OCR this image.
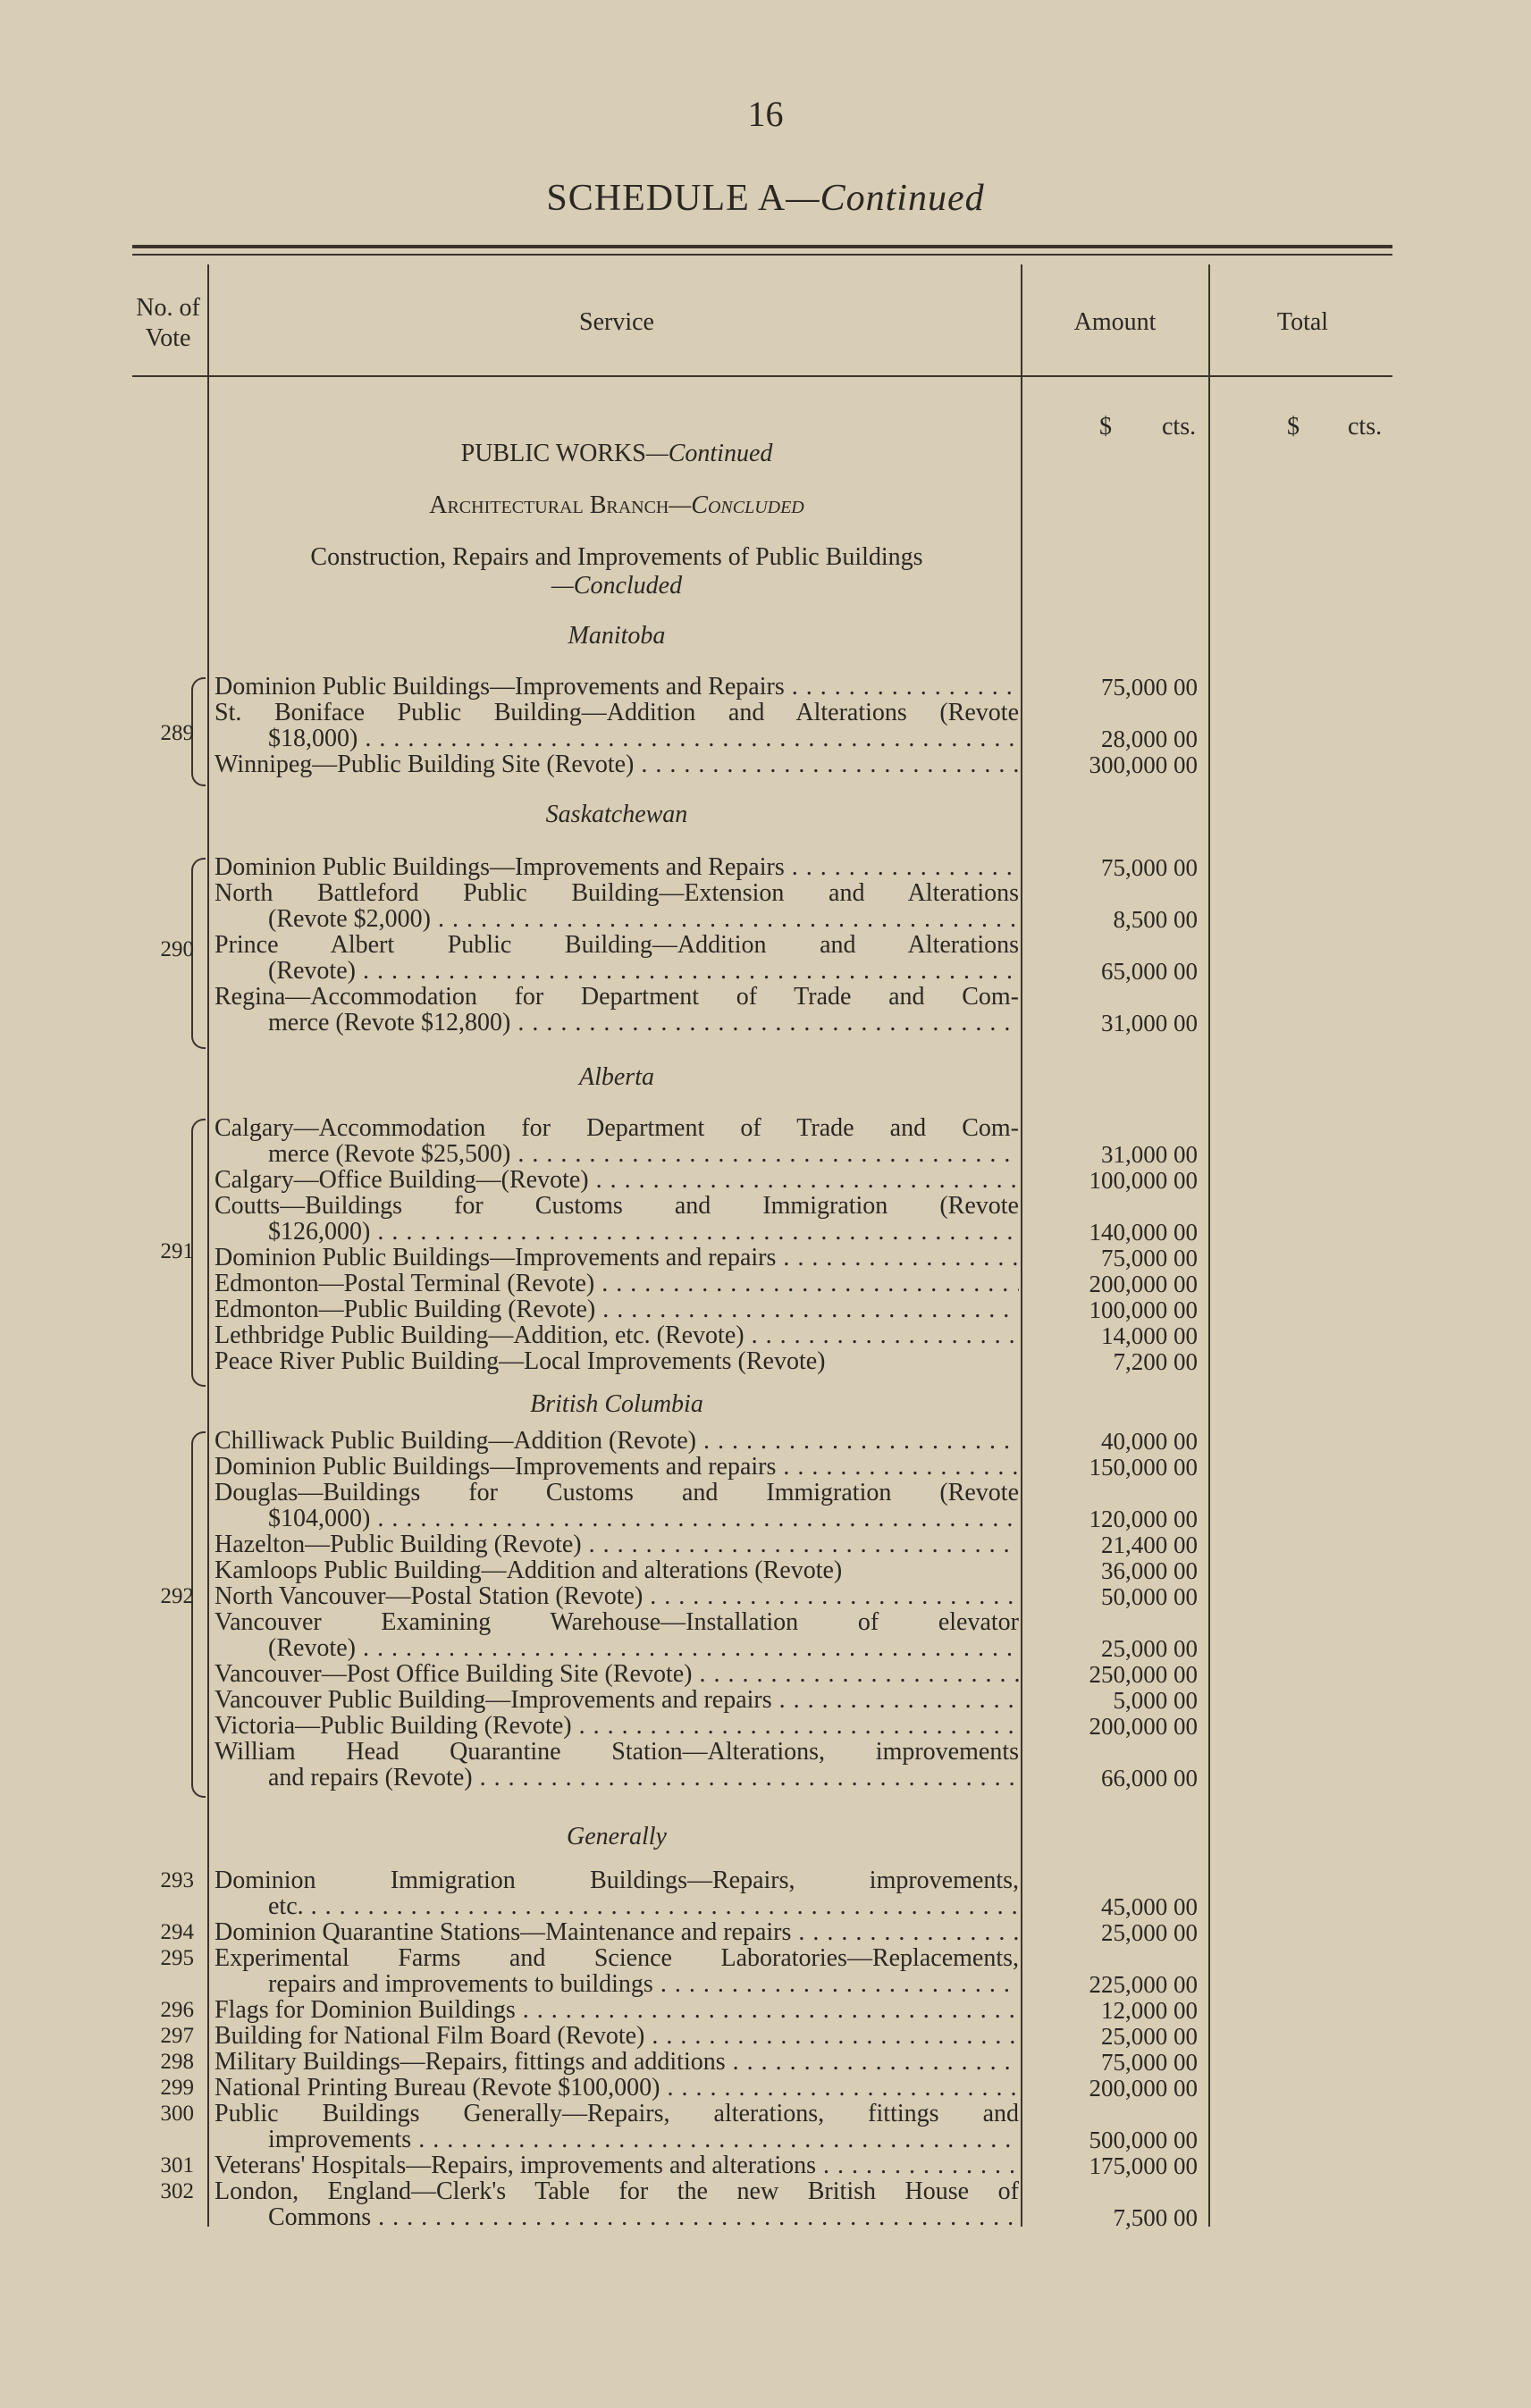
16
SCHEDULE A—Continued
No. of Vote
Service	Amount	Total
$ cts.	$ cts.
PUBLIC WORKS—Continued
Architectural Branch—Concluded
Construction, Repairs and Improvements of Public Buildings
—Concluded
Manitoba
289
Dominion Public Buildings—Improvements and Repairs . . .	75,000 00
St. Boniface Public Building—Addition and Alterations (Revote
$18,000) . . .	28,000 00
Winnipeg—Public Building Site (Revote) . . .	300,000 00
Saskatchewan
290
Dominion Public Buildings—Improvements and Repairs . . .	75,000 00
North Battleford Public Building—Extension and Alterations
(Revote $2,000) . . .	8,500 00
Prince Albert Public Building—Addition and Alterations
(Revote) . . .	65,000 00
Regina—Accommodation for Department of Trade and Com-
merce (Revote $12,800) . . .	31,000 00
Alberta
291
Calgary—Accommodation for Department of Trade and Com-
merce (Revote $25,500) . . .	31,000 00
Calgary—Office Building—(Revote) . . .	100,000 00
Coutts—Buildings for Customs and Immigration (Revote
$126,000) . . .	140,000 00
Dominion Public Buildings—Improvements and repairs . . .	75,000 00
Edmonton—Postal Terminal (Revote) . . .	200,000 00
Edmonton—Public Building (Revote) . . .	100,000 00
Lethbridge Public Building—Addition, etc. (Revote) . . .	14,000 00
Peace River Public Building—Local Improvements (Revote)	7,200 00
British Columbia
292
Chilliwack Public Building—Addition (Revote) . . .	40,000 00
Dominion Public Buildings—Improvements and repairs . . .	150,000 00
Douglas—Buildings for Customs and Immigration (Revote
$104,000) . . .	120,000 00
Hazelton—Public Building (Revote) . . .	21,400 00
Kamloops Public Building—Addition and alterations (Revote)	36,000 00
North Vancouver—Postal Station (Revote) . . .	50,000 00
Vancouver Examining Warehouse—Installation of elevator
(Revote) . . .	25,000 00
Vancouver—Post Office Building Site (Revote) . . .	250,000 00
Vancouver Public Building—Improvements and repairs . . .	5,000 00
Victoria—Public Building (Revote) . . .	200,000 00
William Head Quarantine Station—Alterations, improvements
and repairs (Revote) . . .	66,000 00
Generally
293 Dominion Immigration Buildings—Repairs, improvements,
etc. . . .	45,000 00
294 Dominion Quarantine Stations—Maintenance and repairs . . .	25,000 00
295 Experimental Farms and Science Laboratories—Replacements,
repairs and improvements to buildings . . .	225,000 00
296 Flags for Dominion Buildings . . .	12,000 00
297 Building for National Film Board (Revote) . . .	25,000 00
298 Military Buildings—Repairs, fittings and additions . . .	75,000 00
299 National Printing Bureau (Revote $100,000) . . .	200,000 00
300 Public Buildings Generally—Repairs, alterations, fittings and
improvements . . .	500,000 00
301 Veterans' Hospitals—Repairs, improvements and alterations . . .	175,000 00
302 London, England—Clerk's Table for the new British House of
Commons . . .	7,500 00
